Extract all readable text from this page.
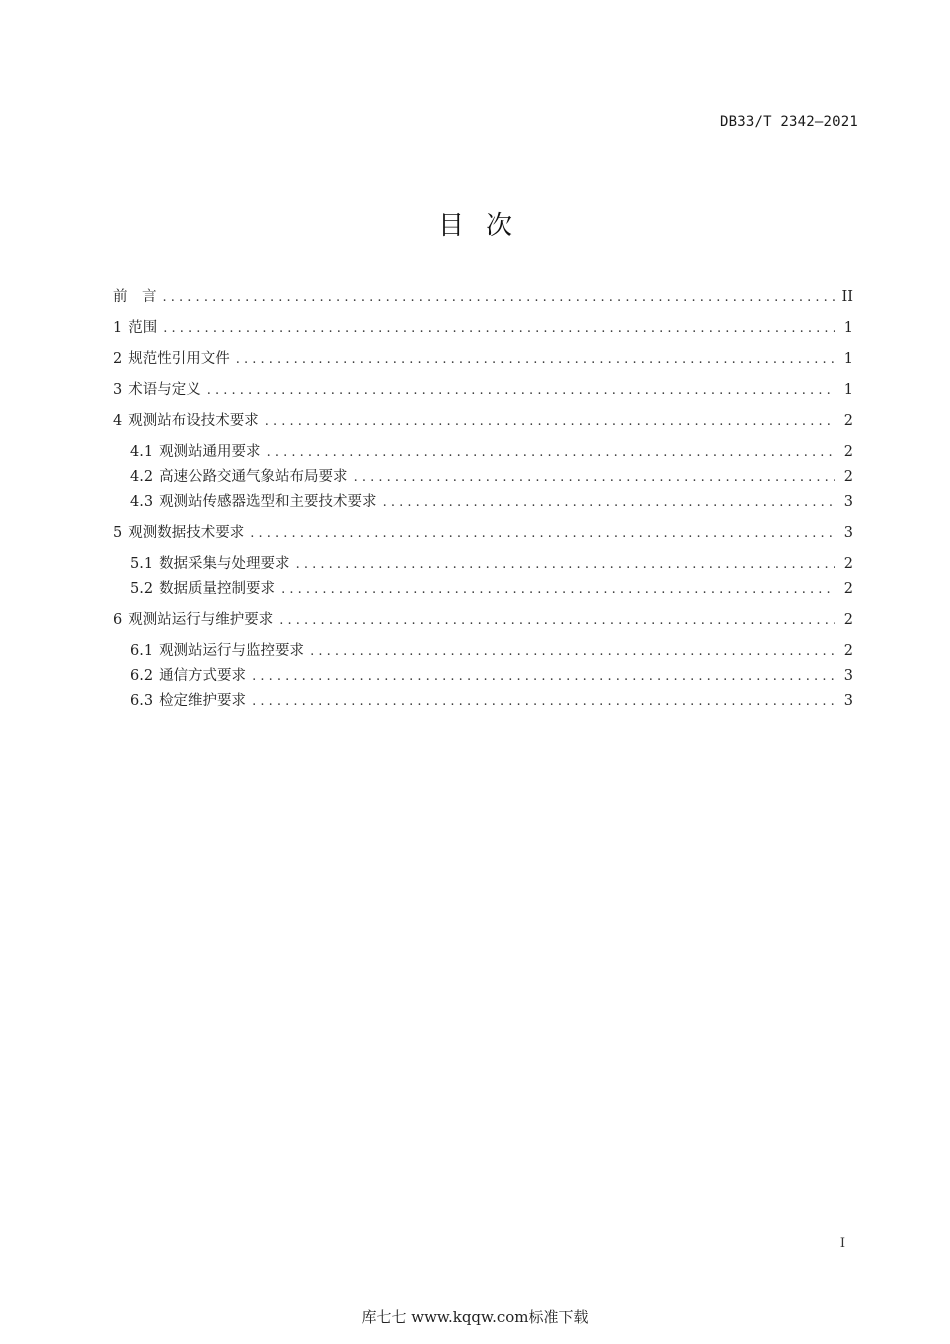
DB33/T 2342—2021
目次
前　言 . . .	II
1 范围 . . .	1
2 规范性引用文件 . . .	1
3 术语与定义 . . .	1
4 观测站布设技术要求 . . .	2
4.1 观测站通用要求 . . .	2
4.2 高速公路交通气象站布局要求 . . .	2
4.3 观测站传感器选型和主要技术要求 . . .	3
5 观测数据技术要求 . . .	3
5.1 数据采集与处理要求 . . .	2
5.2 数据质量控制要求 . . .	2
6 观测站运行与维护要求 . . .	2
6.1 观测站运行与监控要求 . . .	2
6.2 通信方式要求 . . .	3
6.3 检定维护要求 . . .	3
I
库七七 www.kqqw.com标准下载
